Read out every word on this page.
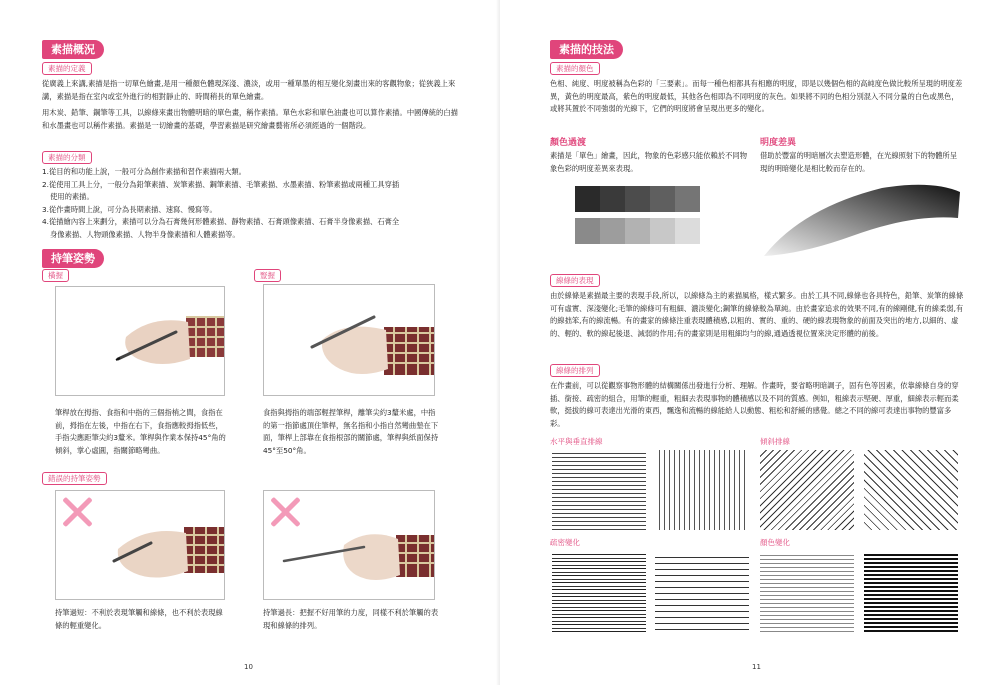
素描概況
素描的定義
從廣義上來講,素描是指一切單色繪畫,是用一種顏色體現深淺、濃淡，或用一種單墨的相互變化刻畫出來的客觀物象；從狹義上來講，素描是指在室內或室外進行的相對靜止的、時間稍長的單色繪畫。
用木炭、鉛筆、鋼筆等工具，以線條來畫出物體明暗的單色畫，稱作素描。單色水彩和單色油畫也可以算作素描。中國傳統的白描和水墨畫也可以稱作素描。素描是一切繪畫的基礎，學習素描是研究繪畫藝術所必須經過的一個階段。
素描的分類
1.從目的和功能上說，一般可分為創作素描和習作素描兩大類。
2.從使用工具上分，一般分為鉛筆素描、炭筆素描、鋼筆素描、毛筆素描、水墨素描、粉筆素描或兩種工具穿插
使用的素描。
3.從作畫時間上說，可分為長期素描、速寫、慢寫等。
4.從描繪內容上來劃分，素描可以分為石膏幾何形體素描、靜物素描、石膏頭像素描、石膏半身像素描、石膏全
身像素描、人物頭像素描、人物半身像素描和人體素描等。
持筆姿勢
橫握	豎握
筆桿放在拇指、食指和中指的三個指梢之間，食指在前，拇指在左後，中指在右下，食指應較拇指低些，手指尖應距筆尖約3釐米。筆桿與作業本保持45°角的傾斜，掌心虛圓，指關節略彎曲。
食指與拇指的端部輕捏筆桿，離筆尖約3釐米處，中指的第一指節處頂住筆桿，無名指和小指自然彎曲墊在下面，筆桿上部靠在食指根部的關節處，筆桿與紙面保持45°至50°角。
錯誤的持筆姿勢
持筆過短：不利於表現筆觸和線條，也不利於表現線條的輕重變化。
持筆過長：把握不好用筆的力度，同樣不利於筆觸的表現和線條的排列。
10
素描的技法
素描的顏色
色相、純度、明度被稱為色彩的「三要素」。而每一種色相都具有相應的明度，即是以幾個色相的高純度色做比較所呈現的明度差異，黃色的明度最高，紫色的明度最低，其他各色相即為不同明度的灰色。如果將不同的色相分別混入不同分量的白色或黑色，或將其置於不同強弱的光線下，它們的明度將會呈現出更多的變化。
顏色過渡
素描是「單色」繪畫，因此，物象的色彩感只能依賴於不同物象色彩的明度差異來表現。
明度差異
借助於豐富的明暗層次去塑造形體，在光線照射下的物體所呈現的明暗變化是相比較而存在的。
線條的表現
由於線條是素描最主要的表現手段,所以，以線條為主的素描風格，樣式繁多。由於工具不同,線條也各具特色，鉛筆、炭筆的線條可有虛實、深淺變化;毛筆的線條可有粗細、濃淡變化;鋼筆的線條較為單純。由於畫家追求的效果不同,有的線剛健,有的線柔弱,有的線拙笨,有的線流暢。有的畫家的線條注重表現體積感,以粗的、實的、重的、硬的線表現物象的前面及突出的地方,以細的、虛的、輕的、軟的線起後退、減弱的作用;有的畫家則是用粗細均勻的線,通過透視位置來決定形體的前後。
線條的排列
在作畫前，可以從觀察事物形體的結構關係出發進行分析、理解。作畫時，要省略明暗調子，固有色等因素，依靠線條自身的穿插、銜接、疏密的組合，用筆的輕重，粗細去表現事物的體積感以及不同的質感。例如，粗線表示堅硬、厚重，細線表示輕而柔軟，挺拔的線可表達出光滑的東西，飄逸和流暢的線能給人以動態、粗松和舒緩的感覺。總之不同的線可表達出事物的豐富多彩。
水平與垂直排線	傾斜排線
疏密變化	顏色變化
11
